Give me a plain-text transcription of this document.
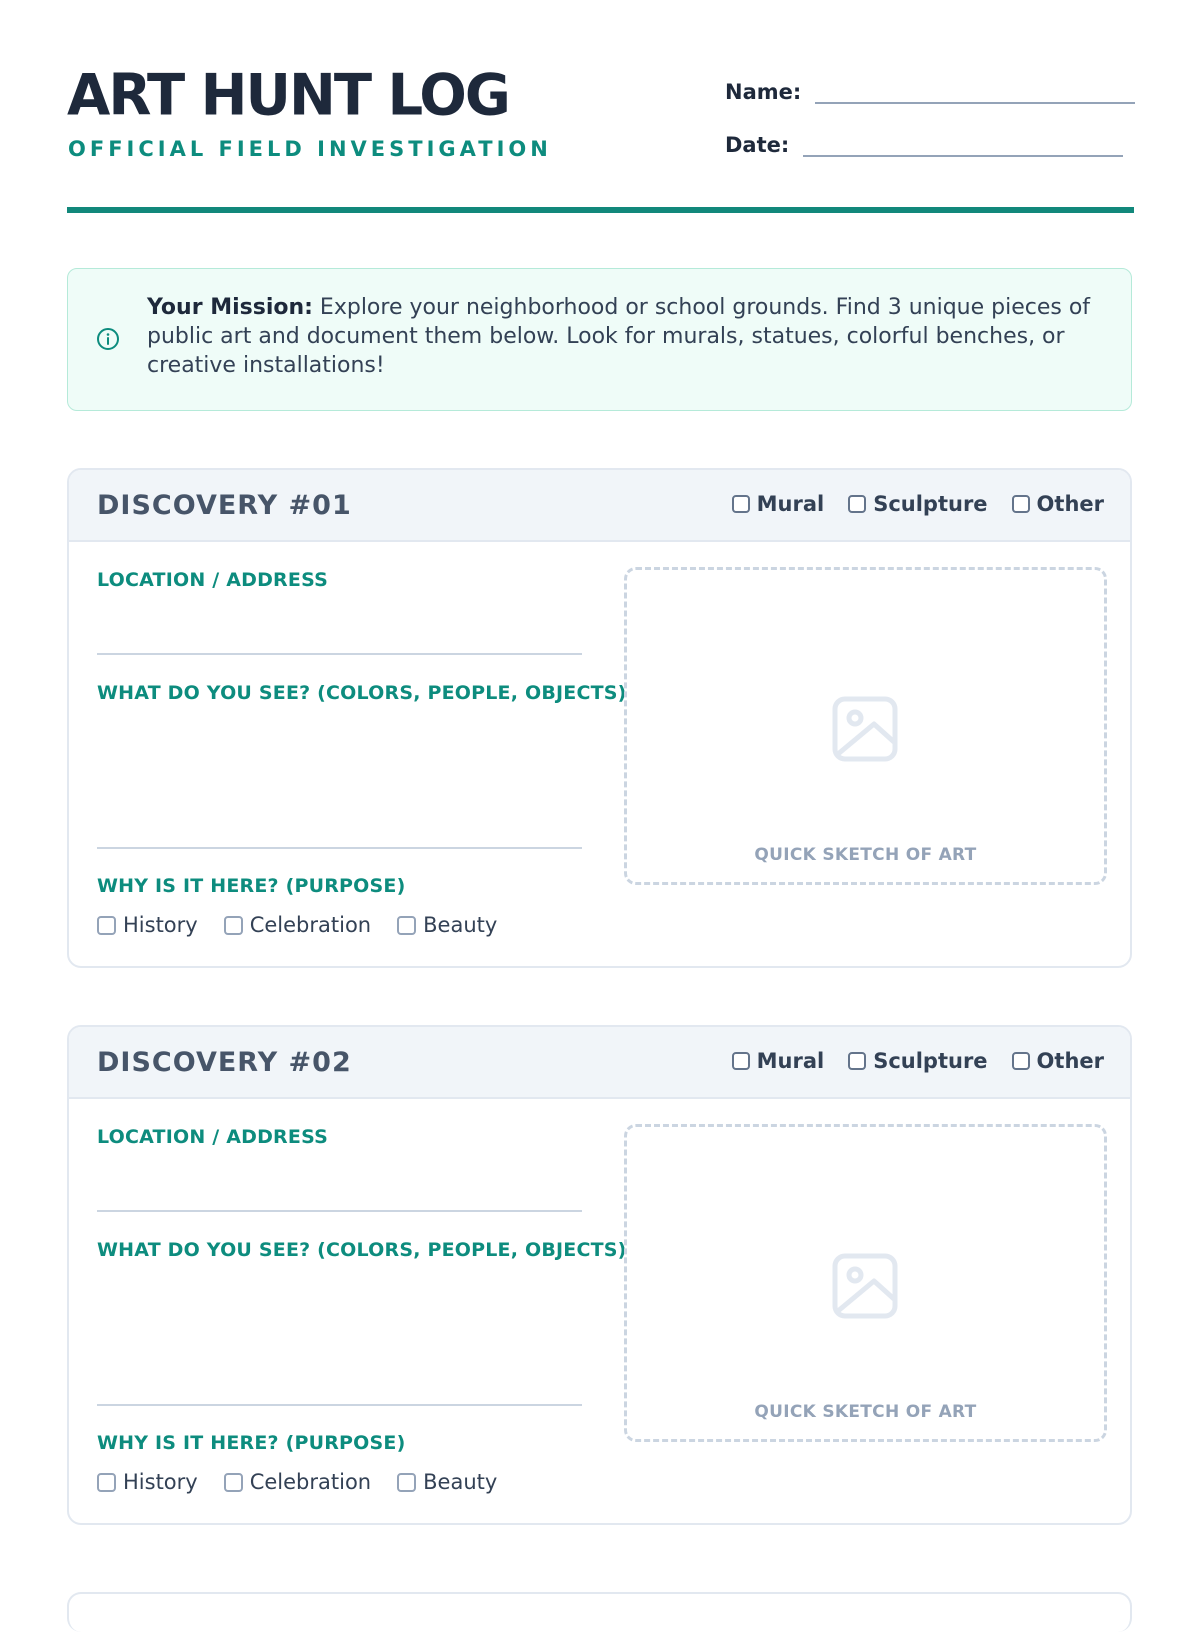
ART HUNT LOG
OFFICIAL FIELD INVESTIGATION
Name:
Date:
Your Mission: Explore your neighborhood or school grounds. Find 3 unique pieces of public art and document them below. Look for murals, statues, colorful benches, or creative installations!
DISCOVERY #01	Mural Sculpture Other
LOCATION / ADDRESS
WHAT DO YOU SEE? (COLORS, PEOPLE, OBJECTS)
WHY IS IT HERE? (PURPOSE)
History Celebration Beauty
QUICK SKETCH OF ART
DISCOVERY #02	Mural Sculpture Other
LOCATION / ADDRESS
WHAT DO YOU SEE? (COLORS, PEOPLE, OBJECTS)
WHY IS IT HERE? (PURPOSE)
History Celebration Beauty
QUICK SKETCH OF ART
